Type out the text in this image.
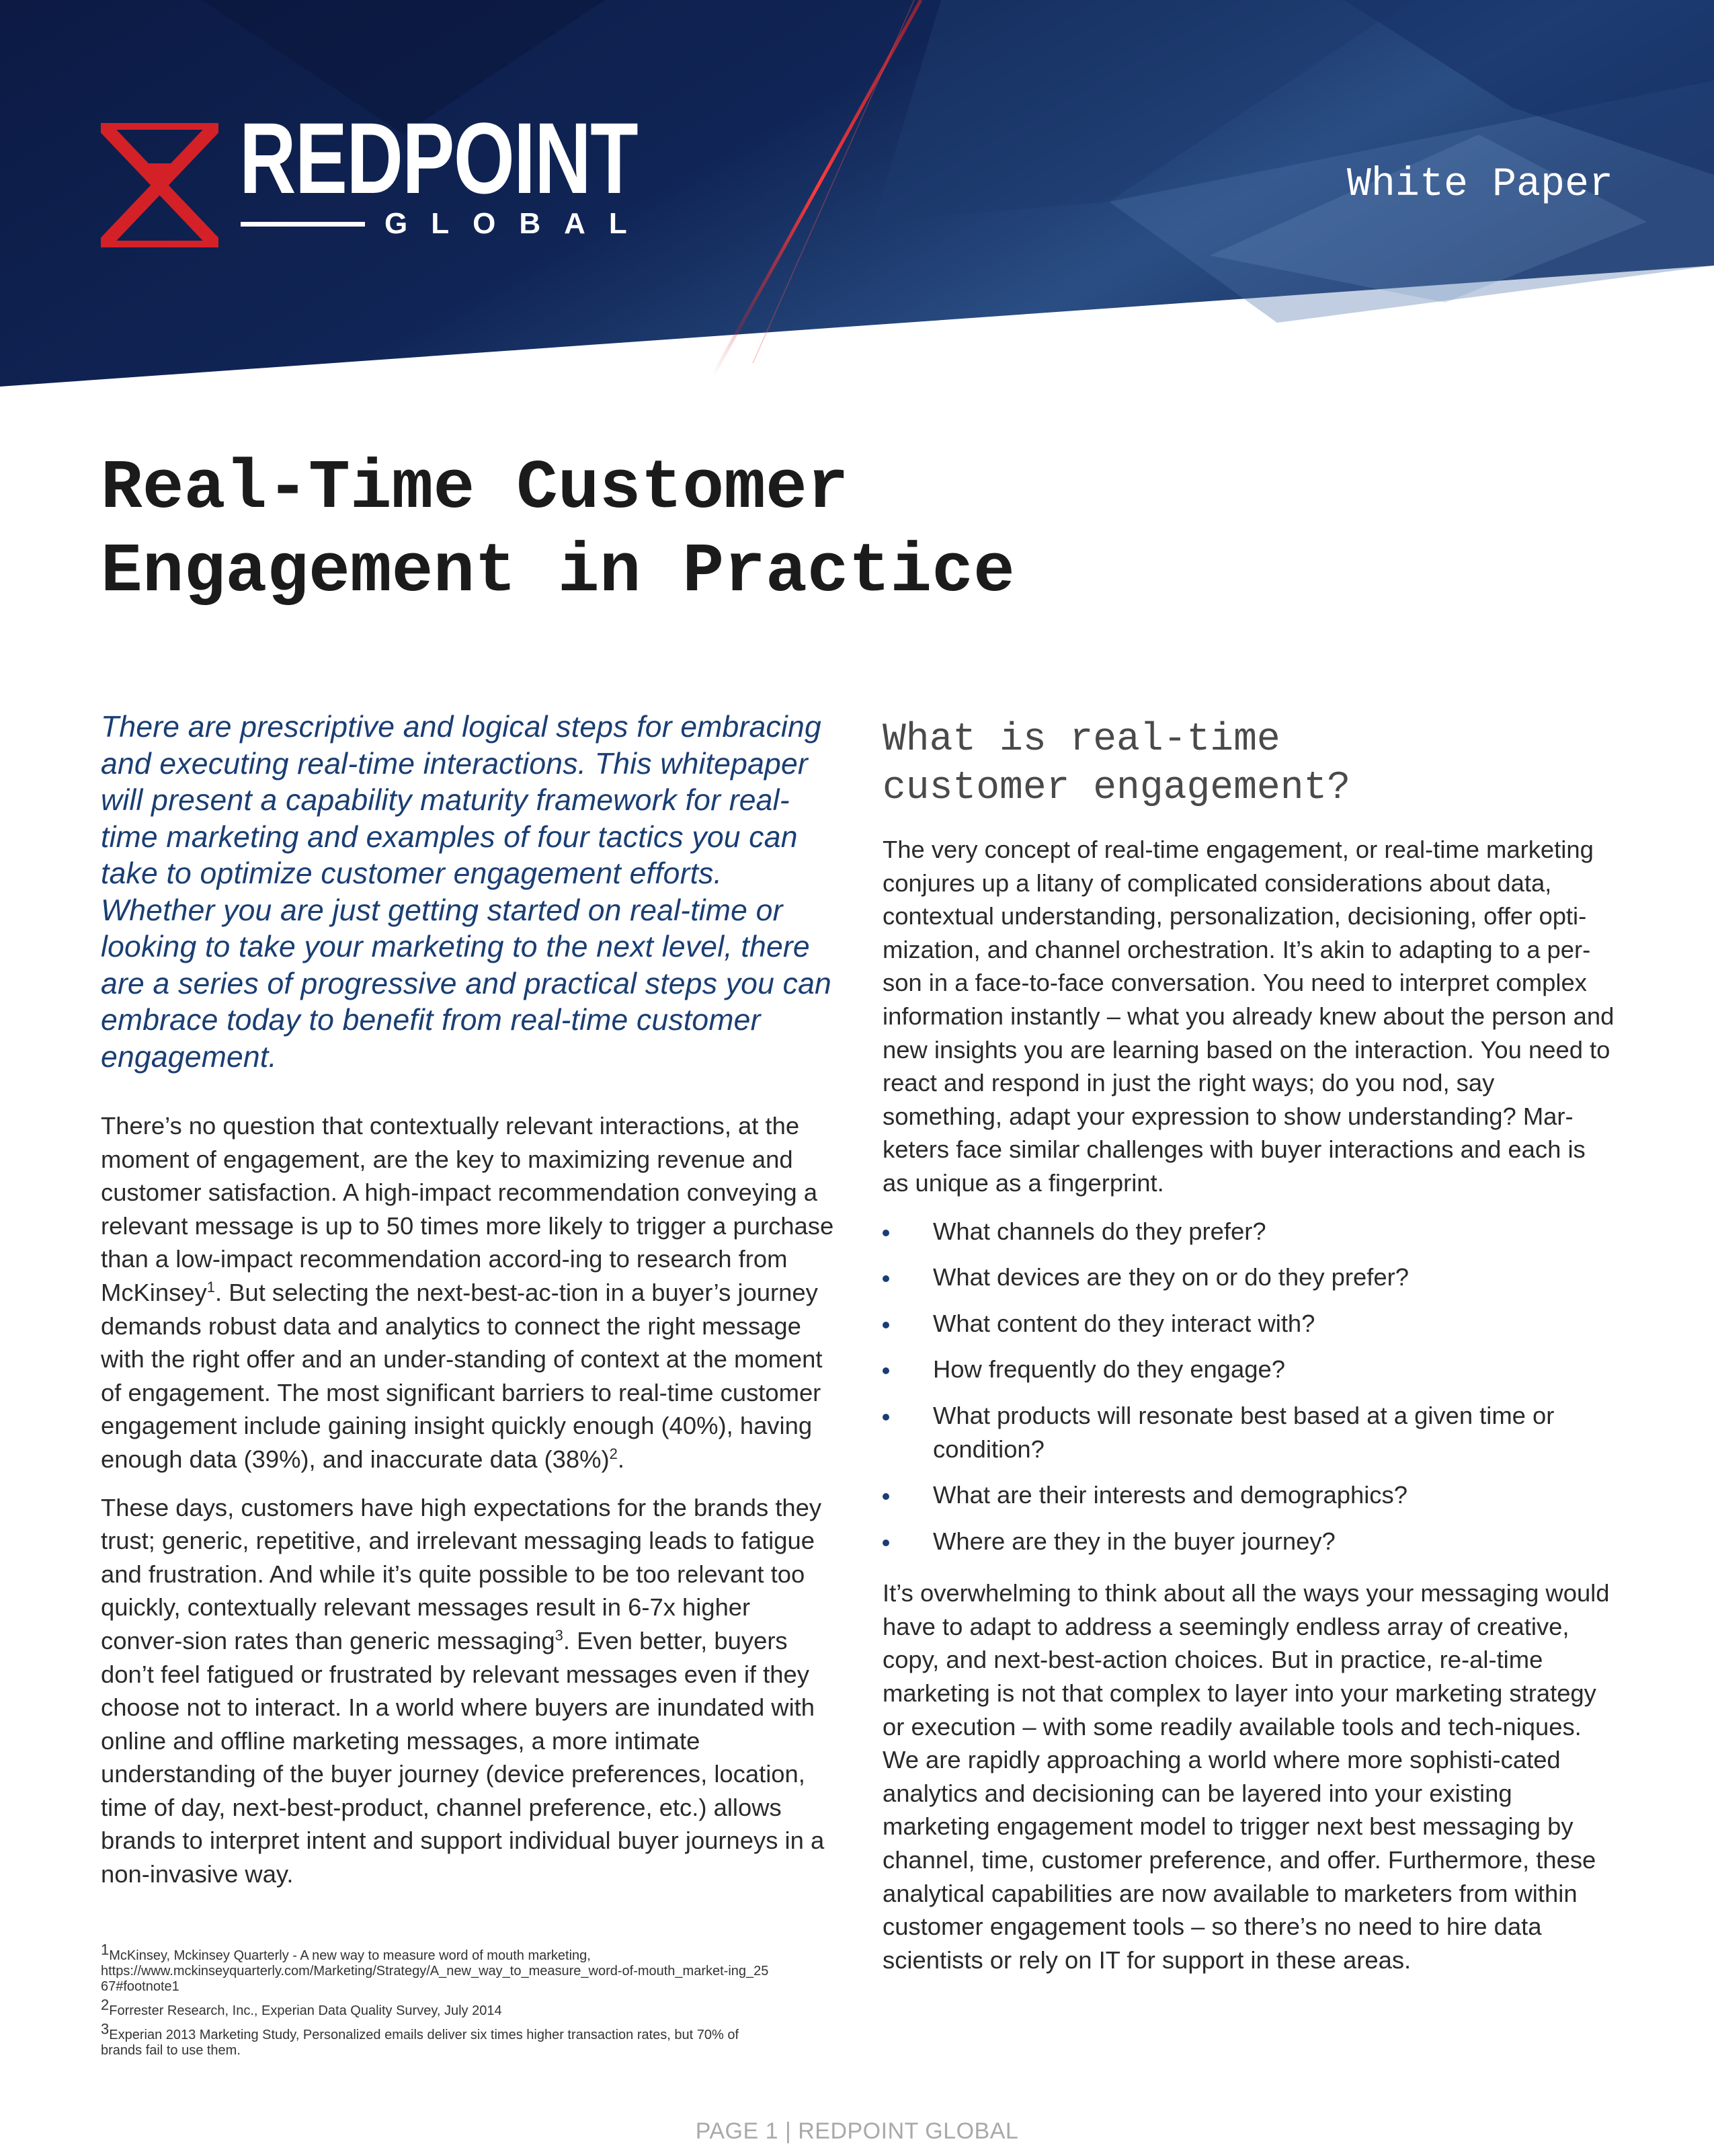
REDPOINT
GLOBAL
White Paper
Real-Time Customer
Engagement in Practice

There are prescriptive and logical steps for embracing and executing real-time interactions. This whitepaper will present a capability maturity framework for real-time marketing and examples of four tactics you can take to optimize customer engagement efforts. Whether you are just getting started on real-time or looking to take your marketing to the next level, there are a series of progressive and practical steps you can embrace today to benefit from real-time customer engagement.

There’s no question that contextually relevant interactions, at the moment of engagement, are the key to maximizing revenue and customer satisfaction. A high-impact recommendation conveying a relevant message is up to 50 times more likely to trigger a purchase than a low-impact recommendation accord-ing to research from McKinsey$^1$. But selecting the next-best-ac-tion in a buyer’s journey demands robust data and analytics to connect the right message with the right offer and an under-standing of context at the moment of engagement. The most significant barriers to real-time customer engagement include gaining insight quickly enough (40%), having enough data (39%), and inaccurate data $(38\%)^2$.

These days, customers have high expectations for the brands they trust; generic, repetitive, and irrelevant messaging leads to fatigue and frustration. And while it’s quite possible to be too relevant too quickly, contextually relevant messages result in 6-7x higher conver-sion rates than generic messaging$^3$. Even better, buyers don’t feel fatigued or frustrated by relevant messages even if they choose not to interact. In a world where buyers are inundated with online and offline marketing messages, a more intimate understanding of the buyer journey (device preferences, location, time of day, next-best-product, channel preference, etc.) allows brands to interpret intent and support individual buyer journeys in a non-invasive way.

1McKinsey, Mckinsey Quarterly - A new way to measure word of mouth marketing,
https://www.mckinseyquarterly.com/Marketing/Strategy/A_new_way_to_measure_word-of-mouth_market-ing_2567#footnote1

2Forrester Research, Inc., Experian Data Quality Survey, July 2014

3Experian 2013 Marketing Study, Personalized emails deliver six times higher transaction rates, but 70% of brands fail to use them.

What is real-time
customer engagement?

The very concept of real-time engagement, or real-time marketing conjures up a litany of complicated considerations about data, contextual understanding, personalization, decisioning, offer opti-mization, and channel orchestration. It’s akin to adapting to a per-son in a face-to-face conversation. You need to interpret complex information instantly – what you already knew about the person and new insights you are learning based on the interaction. You need to react and respond in just the right ways; do you nod, say something, adapt your expression to show understanding? Mar-keters face similar challenges with buyer interactions and each is as unique as a fingerprint.

What channels do they prefer?
What devices are they on or do they prefer?
What content do they interact with?
How frequently do they engage?
What products will resonate best based at a given time or condition?
What are their interests and demographics?
Where are they in the buyer journey?

It’s overwhelming to think about all the ways your messaging would have to adapt to address a seemingly endless array of creative, copy, and next-best-action choices. But in practice, re-al-time marketing is not that complex to layer into your marketing strategy or execution – with some readily available tools and tech-niques. We are rapidly approaching a world where more sophisti-cated analytics and decisioning can be layered into your existing marketing engagement model to trigger next best messaging by channel, time, customer preference, and offer. Furthermore, these analytical capabilities are now available to marketers from within customer engagement tools – so there’s no need to hire data scientists or rely on IT for support in these areas.

PAGE 1 | REDPOINT GLOBAL
